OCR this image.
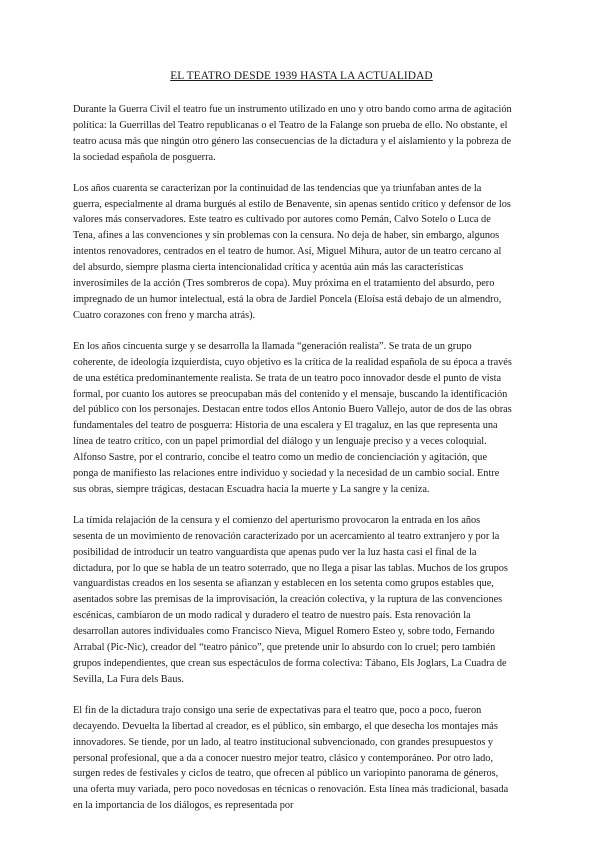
EL TEATRO DESDE 1939 HASTA LA ACTUALIDAD

Durante la Guerra Civil el teatro fue un instrumento utilizado en uno y otro bando como arma de agitación política: la Guerrillas del Teatro republicanas o el Teatro de la Falange son prueba de ello. No obstante, el teatro acusa más que ningún otro género las consecuencias de la dictadura y el aislamiento y la pobreza de la sociedad española de posguerra.

Los años cuarenta se caracterizan por la continuidad de las tendencias que ya triunfaban antes de la guerra, especialmente al drama burgués al estilo de Benavente, sin apenas sentido crítico y defensor de los valores más conservadores. Este teatro es cultivado por autores como Pemán, Calvo Sotelo o Luca de Tena, afines a las convenciones y sin problemas con la censura. No deja de haber, sin embargo, algunos intentos renovadores, centrados en el teatro de humor. Así, Miguel Mihura, autor de un teatro cercano al del absurdo, siempre plasma cierta intencionalidad crítica y acentúa aún más las características inverosímiles de la acción (Tres sombreros de copa). Muy próxima en el tratamiento del absurdo, pero impregnado de un humor intelectual, está la obra de Jardiel Poncela (Eloísa está debajo de un almendro, Cuatro corazones con freno y marcha atrás).

En los años cincuenta surge y se desarrolla la llamada “generación realista”. Se trata de un grupo coherente, de ideología izquierdista, cuyo objetivo es la crítica de la realidad española de su época a través de una estética predominantemente realista. Se trata de un teatro poco innovador desde el punto de vista formal, por cuanto los autores se preocupaban más del contenido y el mensaje, buscando la identificación del público con los personajes. Destacan entre todos ellos Antonio Buero Vallejo, autor de dos de las obras fundamentales del teatro de posguerra: Historia de una escalera y El tragaluz, en las que representa una línea de teatro crítico, con un papel primordial del diálogo y un lenguaje preciso y a veces coloquial. Alfonso Sastre, por el contrario, concibe el teatro como un medio de concienciación y agitación, que ponga de manifiesto las relaciones entre individuo y sociedad y la necesidad de un cambio social. Entre sus obras, siempre trágicas, destacan Escuadra hacia la muerte y La sangre y la ceniza.

La tímida relajación de la censura y el comienzo del aperturismo provocaron la entrada en los años sesenta de un movimiento de renovación caracterizado por un acercamiento al teatro extranjero y por la posibilidad de introducir un teatro vanguardista que apenas pudo ver la luz hasta casi el final de la dictadura, por lo que se habla de un teatro soterrado, que no llega a pisar las tablas. Muchos de los grupos vanguardistas creados en los sesenta se afianzan y establecen en los setenta como grupos estables que, asentados sobre las premisas de la improvisación, la creación colectiva, y la ruptura de las convenciones escénicas, cambiaron de un modo radical y duradero el teatro de nuestro país. Esta renovación la desarrollan autores individuales como Francisco Nieva, Miguel Romero Esteo y, sobre todo, Fernando Arrabal (Pic-Nic), creador del “teatro pánico”, que pretende unir lo absurdo con lo cruel; pero también grupos independientes, que crean sus espectáculos de forma colectiva: Tábano, Els Joglars, La Cuadra de Sevilla, La Fura dels Baus.

El fin de la dictadura trajo consigo una serie de expectativas para el teatro que, poco a poco, fueron decayendo. Devuelta la libertad al creador, es el público, sin embargo, el que desecha los montajes más innovadores. Se tiende, por un lado, al teatro institucional subvencionado, con grandes presupuestos y personal profesional, que a da a conocer nuestro mejor teatro, clásico y contemporáneo. Por otro lado, surgen redes de festivales y ciclos de teatro, que ofrecen al público un variopinto panorama de géneros, una oferta muy variada, pero poco novedosas en técnicas o renovación. Esta línea más tradicional, basada en la importancia de los diálogos, es representada por
